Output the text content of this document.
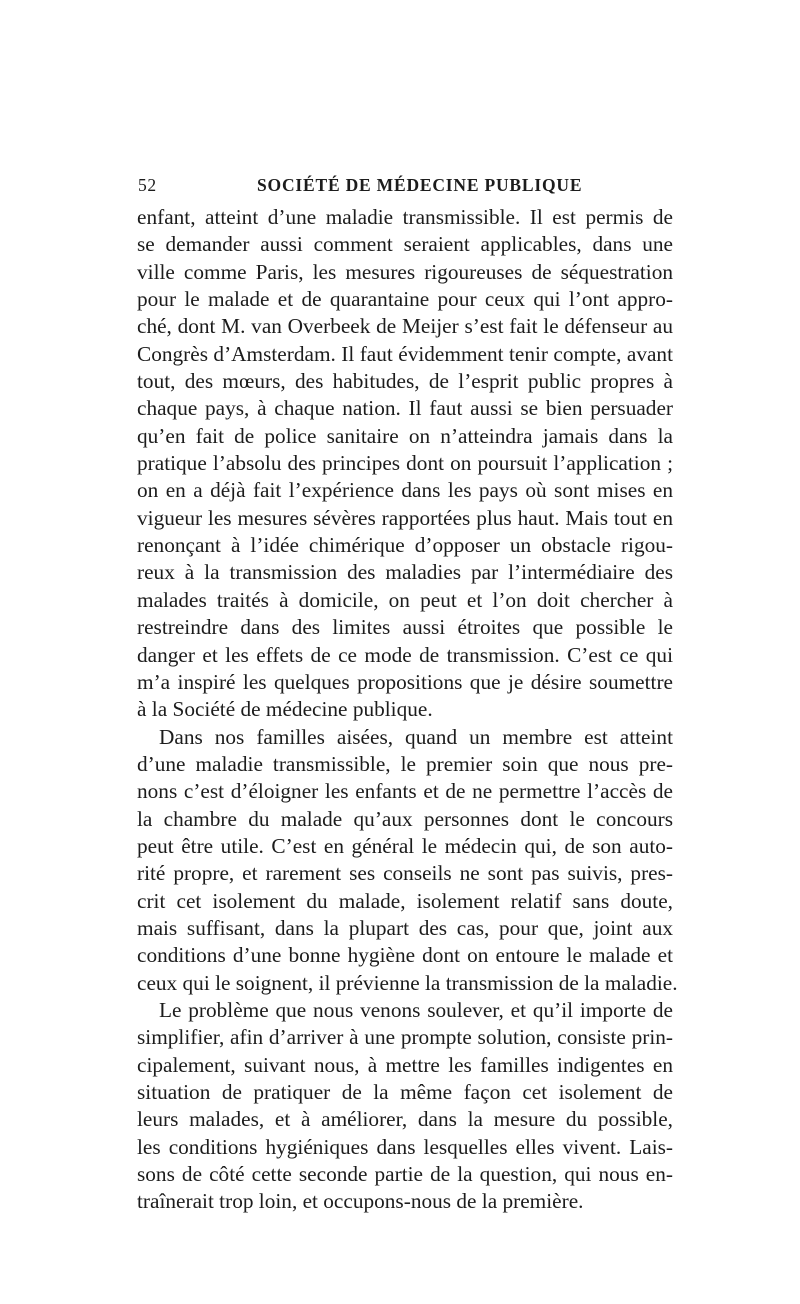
52	SOCIÉTÉ DE MÉDECINE PUBLIQUE
enfant, atteint d’une maladie transmissible. Il est permis de
se demander aussi comment seraient applicables, dans une
ville comme Paris, les mesures rigoureuses de séquestration
pour le malade et de quarantaine pour ceux qui l’ont appro-
ché, dont M. van Overbeek de Meijer s’est fait le défenseur au
Congrès d’Amsterdam. Il faut évidemment tenir compte, avant
tout, des mœurs, des habitudes, de l’esprit public propres à
chaque pays, à chaque nation. Il faut aussi se bien persuader
qu’en fait de police sanitaire on n’atteindra jamais dans la
pratique l’absolu des principes dont on poursuit l’application ;
on en a déjà fait l’expérience dans les pays où sont mises en
vigueur les mesures sévères rapportées plus haut. Mais tout en
renonçant à l’idée chimérique d’opposer un obstacle rigou-
reux à la transmission des maladies par l’intermédiaire des
malades traités à domicile, on peut et l’on doit chercher à
restreindre dans des limites aussi étroites que possible le
danger et les effets de ce mode de transmission. C’est ce qui
m’a inspiré les quelques propositions que je désire soumettre
à la Société de médecine publique.
Dans nos familles aisées, quand un membre est atteint
d’une maladie transmissible, le premier soin que nous pre-
nons c’est d’éloigner les enfants et de ne permettre l’accès de
la chambre du malade qu’aux personnes dont le concours
peut être utile. C’est en général le médecin qui, de son auto-
rité propre, et rarement ses conseils ne sont pas suivis, pres-
crit cet isolement du malade, isolement relatif sans doute,
mais suffisant, dans la plupart des cas, pour que, joint aux
conditions d’une bonne hygiène dont on entoure le malade et
ceux qui le soignent, il prévienne la transmission de la maladie.
Le problème que nous venons soulever, et qu’il importe de
simplifier, afin d’arriver à une prompte solution, consiste prin-
cipalement, suivant nous, à mettre les familles indigentes en
situation de pratiquer de la même façon cet isolement de
leurs malades, et à améliorer, dans la mesure du possible,
les conditions hygiéniques dans lesquelles elles vivent. Lais-
sons de côté cette seconde partie de la question, qui nous en-
traînerait trop loin, et occupons-nous de la première.
